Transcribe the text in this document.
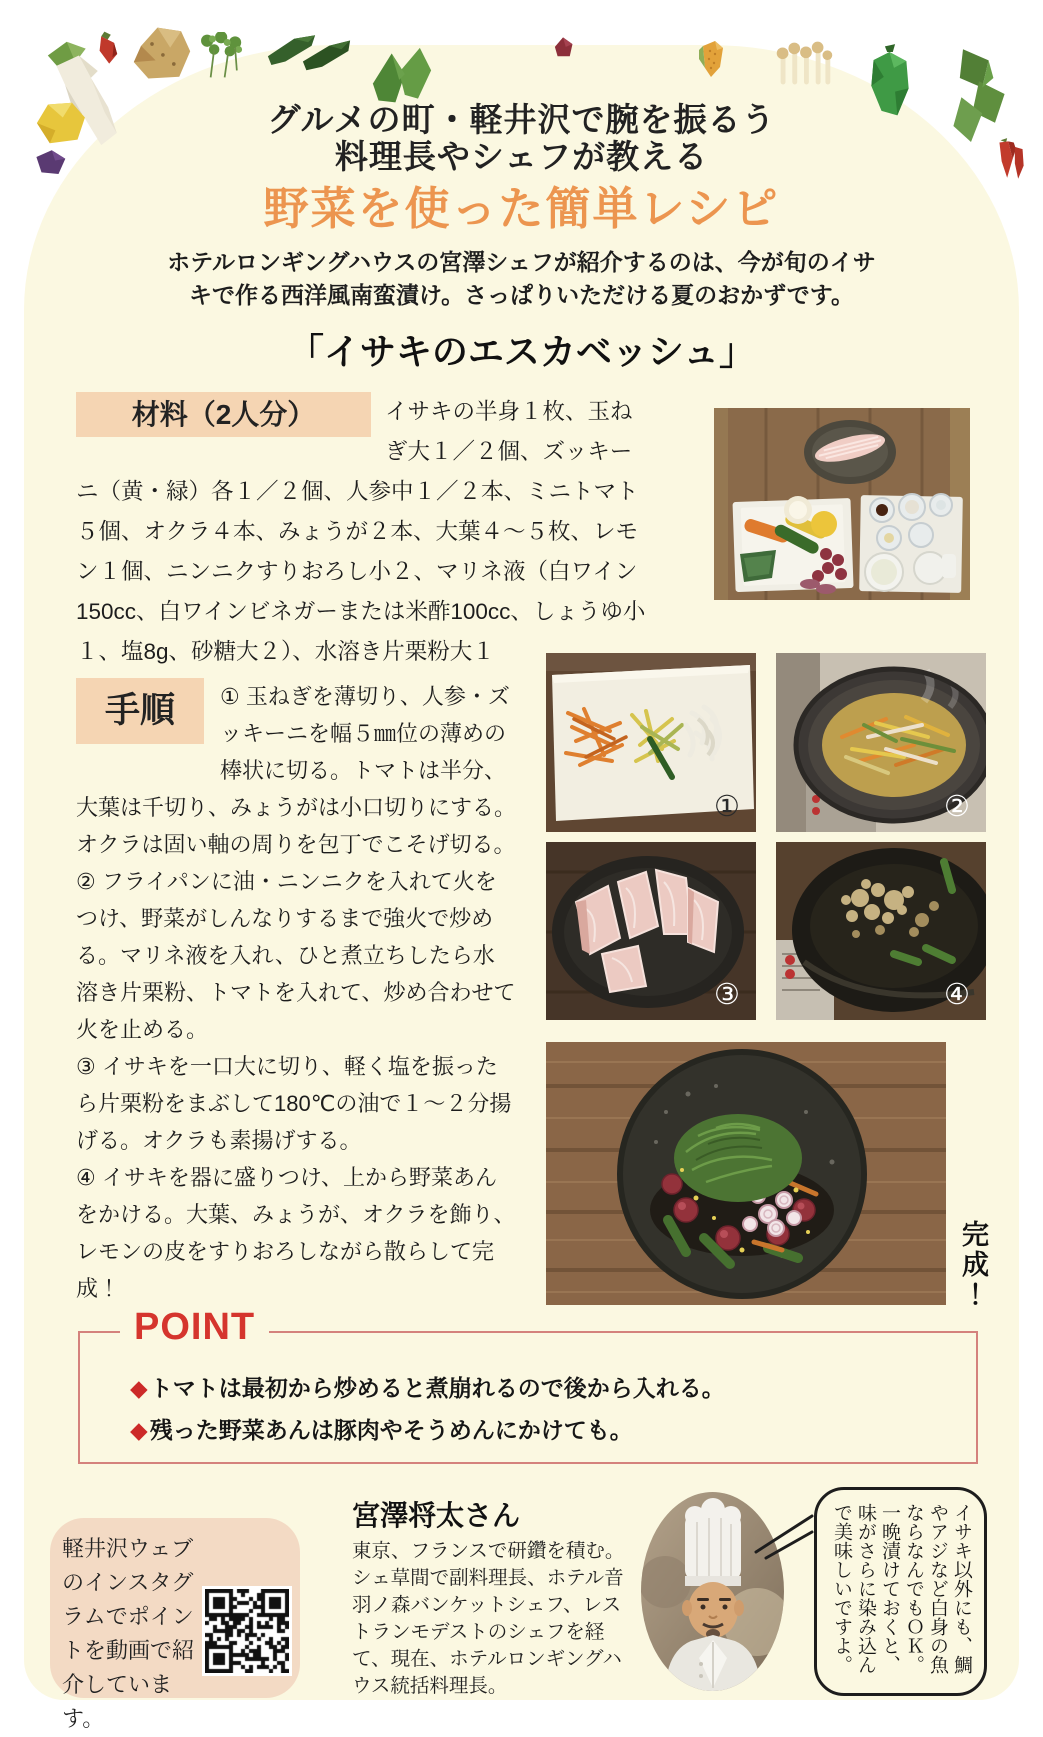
グルメの町・軽井沢で腕を振るう
料理長やシェフが教える
野菜を使った簡単レシピ
ホテルロンギングハウスの宮澤シェフが紹介するのは、今が旬のイサ
キで作る西洋風南蛮漬け。さっぱりいただける夏のおかずです。
「イサキのエスカベッシュ」
材料（2人分）	イサキの半身１枚、玉ねぎ大１／２個、ズッキーニ（黄・緑）各１／２個、人参中１／２本、ミニトマト５個、オクラ４本、みょうが２本、大葉４～５枚、レモン１個、ニンニクすりおろし小２、マリネ液（白ワイン150cc、白ワインビネガーまたは米酢100cc、しょうゆ小１、塩8g、砂糖大２）、水溶き片栗粉大１

手順	① 玉ねぎを薄切り、人参・ズッキーニを幅５㎜位の薄めの棒状に切る。トマトは半分、大葉は千切り、みょうがは小口切りにする。オクラは固い軸の周りを包丁でこそげ切る。

② フライパンに油・ニンニクを入れて火をつけ、野菜がしんなりするまで強火で炒める。マリネ液を入れ、ひと煮立ちしたら水溶き片栗粉、トマトを入れて、炒め合わせて火を止める。

③ イサキを一口大に切り、軽く塩を振ったら片栗粉をまぶして180℃の油で１～２分揚げる。オクラも素揚げする。

④ イサキを器に盛りつけ、上から野菜あんをかける。大葉、みょうが、オクラを飾り、レモンの皮をすりおろしながら散らして完成！

①	②
③	④
完成！
POINT
◆トマトは最初から炒めると煮崩れるので後から入れる。
◆残った野菜あんは豚肉やそうめんにかけても。
軽井沢ウェブのインスタグラムでポイントを動画で紹介しています。
宮澤将太さん
東京、フランスで研鑽を積む。シェ草間で副料理長、ホテル音羽ノ森バンケットシェフ、レストランモデストのシェフを経て、現在、ホテルロンギングハウス統括料理長。
イサキ以外にも、鯛やアジなど白身の魚ならなんでもＯＫ。一晩漬けておくと、味がさらに染み込んで美味しいですよ。
